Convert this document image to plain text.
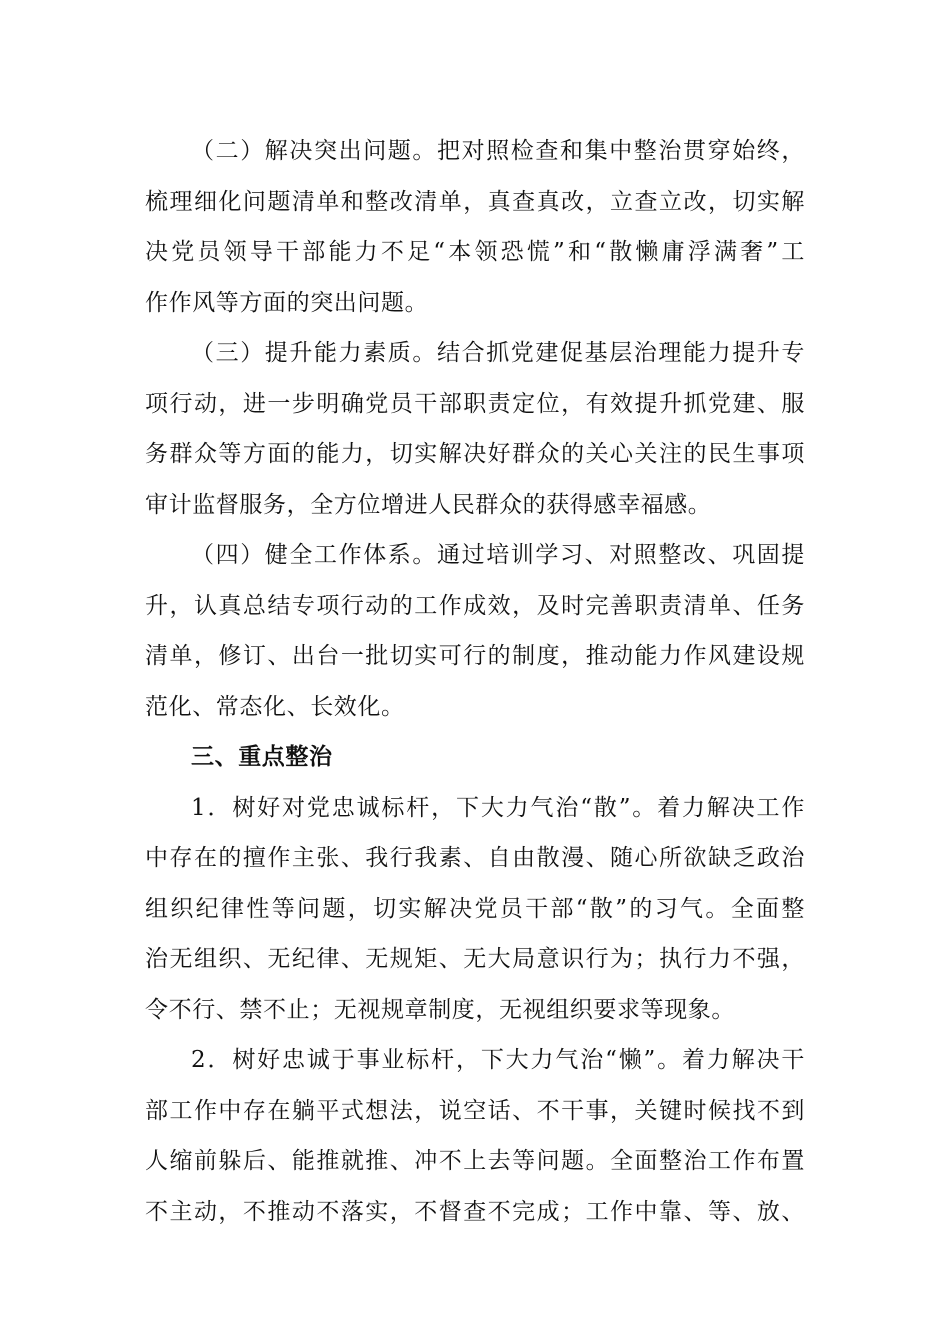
（二）解决突出问题。把对照检查和集中整治贯穿始终，
梳理细化问题清单和整改清单，真查真改，立查立改，切实解
决党员领导干部能力不足“本领恐慌”和“散懒庸浮满奢”工
作作风等方面的突出问题。
（三）提升能力素质。结合抓党建促基层治理能力提升专
项行动，进一步明确党员干部职责定位，有效提升抓党建、服
务群众等方面的能力，切实解决好群众的关心关注的民生事项
审计监督服务，全方位增进人民群众的获得感幸福感。
（四）健全工作体系。通过培训学习、对照整改、巩固提
升，认真总结专项行动的工作成效，及时完善职责清单、任务
清单，修订、出台一批切实可行的制度，推动能力作风建设规
范化、常态化、长效化。
三、重点整治
1．树好对党忠诚标杆，下大力气治“散”。着力解决工作
中存在的擅作主张、我行我素、自由散漫、随心所欲缺乏政治
组织纪律性等问题，切实解决党员干部“散”的习气。全面整
治无组织、无纪律、无规矩、无大局意识行为；执行力不强，
令不行、禁不止；无视规章制度，无视组织要求等现象。
2．树好忠诚于事业标杆，下大力气治“懒”。着力解决干
部工作中存在躺平式想法，说空话、不干事，关键时候找不到
人缩前躲后、能推就推、冲不上去等问题。全面整治工作布置
不主动，不推动不落实，不督查不完成；工作中靠、等、放、
